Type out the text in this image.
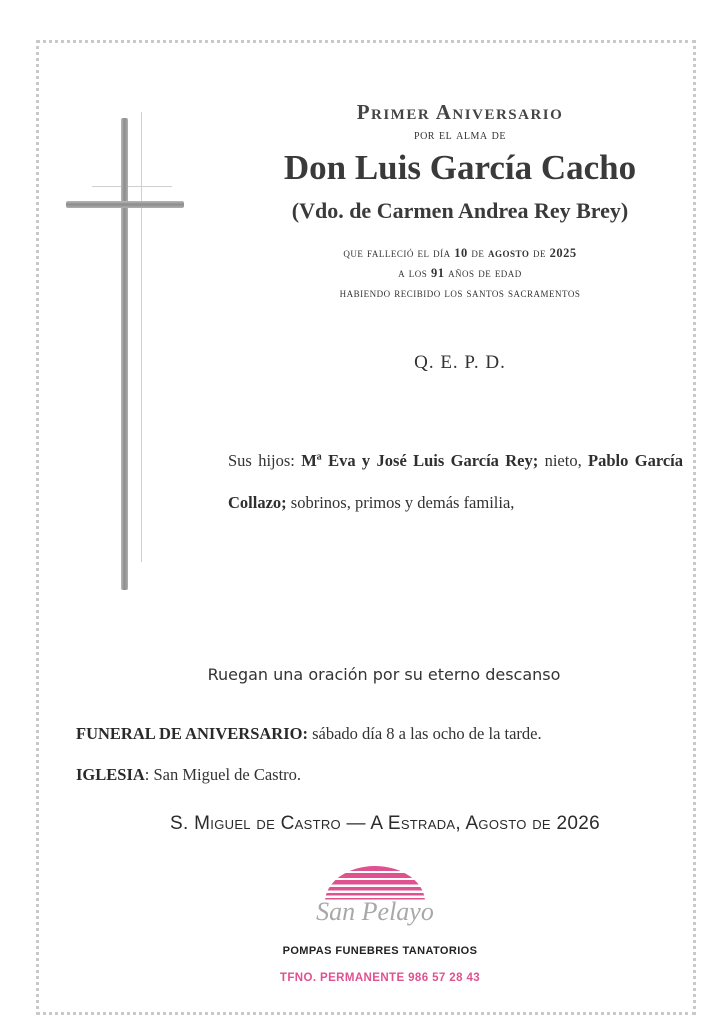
Primer Aniversario
por el alma de
Don Luis García Cacho
(Vdo. de Carmen Andrea Rey Brey)
que falleció el día 10 de agosto de 2025
a los 91 años de edad
habiendo recibido los santos sacramentos
Q. E. P. D.
Sus hijos: Mª Eva y José Luis García Rey; nieto, Pablo García Collazo; sobrinos, primos y demás familia,
Ruegan una oración por su eterno descanso
FUNERAL DE ANIVERSARIO: sábado día 8 a las ocho de la tarde.
IGLESIA: San Miguel de Castro.
S. Miguel de Castro — A Estrada, Agosto de 2026
San Pelayo
POMPAS FUNEBRES TANATORIOS
TFNO. PERMANENTE 986 57 28 43
